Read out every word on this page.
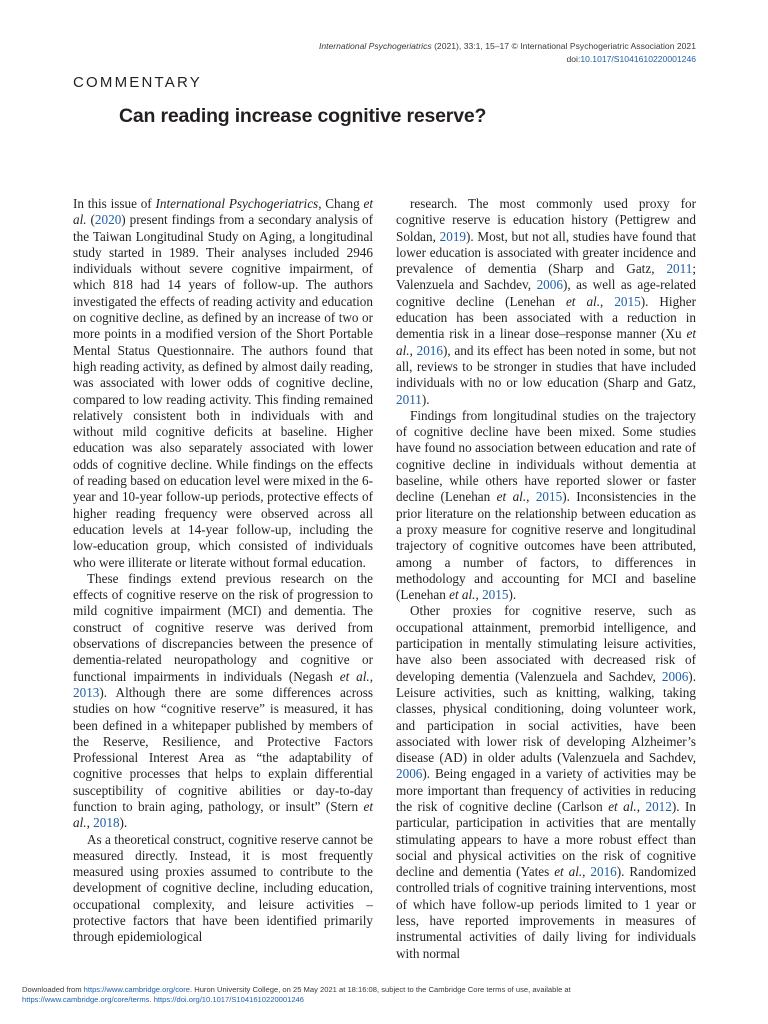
International Psychogeriatrics (2021), 33:1, 15–17 © International Psychogeriatric Association 2021
doi:10.1017/S1041610220001246
COMMENTARY
Can reading increase cognitive reserve?

In this issue of International Psychogeriatrics, Chang et al. (2020) present findings from a secondary analysis of the Taiwan Longitudinal Study on Aging, a longitudinal study started in 1989. Their analyses included 2946 individuals without severe cognitive impairment, of which 818 had 14 years of follow-up. The authors investigated the effects of reading activity and education on cognitive decline, as defined by an increase of two or more points in a modified version of the Short Portable Mental Status Questionnaire. The authors found that high reading activity, as defined by almost daily reading, was associated with lower odds of cognitive decline, compared to low reading activity. This finding remained relatively consistent both in individuals with and without mild cognitive deficits at baseline. Higher education was also separately associated with lower odds of cognitive decline. While findings on the effects of reading based on education level were mixed in the 6-year and 10-year follow-up periods, protective effects of higher reading frequency were observed across all education levels at 14-year follow-up, including the low-education group, which consisted of individuals who were illiterate or literate without formal education.

These findings extend previous research on the effects of cognitive reserve on the risk of progression to mild cognitive impairment (MCI) and dementia. The construct of cognitive reserve was derived from observations of discrepancies between the presence of dementia-related neuropathology and cognitive or functional impairments in individuals (Negash et al., 2013). Although there are some differences across studies on how “cognitive reserve” is measured, it has been defined in a whitepaper published by members of the Reserve, Resilience, and Protective Factors Professional Interest Area as “the adaptability of cognitive processes that helps to explain differential susceptibility of cognitive abilities or day-to-day function to brain aging, pathology, or insult” (Stern et al., 2018).

As a theoretical construct, cognitive reserve cannot be measured directly. Instead, it is most frequently measured using proxies assumed to contribute to the development of cognitive decline, including education, occupational complexity, and leisure activities – protective factors that have been identified primarily through epidemiological

research. The most commonly used proxy for cognitive reserve is education history (Pettigrew and Soldan, 2019). Most, but not all, studies have found that lower education is associated with greater incidence and prevalence of dementia (Sharp and Gatz, 2011; Valenzuela and Sachdev, 2006), as well as age-related cognitive decline (Lenehan et al., 2015). Higher education has been associated with a reduction in dementia risk in a linear dose–response manner (Xu et al., 2016), and its effect has been noted in some, but not all, reviews to be stronger in studies that have included individuals with no or low education (Sharp and Gatz, 2011).

Findings from longitudinal studies on the trajectory of cognitive decline have been mixed. Some studies have found no association between education and rate of cognitive decline in individuals without dementia at baseline, while others have reported slower or faster decline (Lenehan et al., 2015). Inconsistencies in the prior literature on the relationship between education as a proxy measure for cognitive reserve and longitudinal trajectory of cognitive outcomes have been attributed, among a number of factors, to differences in methodology and accounting for MCI and baseline (Lenehan et al., 2015).

Other proxies for cognitive reserve, such as occupational attainment, premorbid intelligence, and participation in mentally stimulating leisure activities, have also been associated with decreased risk of developing dementia (Valenzuela and Sachdev, 2006). Leisure activities, such as knitting, walking, taking classes, physical conditioning, doing volunteer work, and participation in social activities, have been associated with lower risk of developing Alzheimer’s disease (AD) in older adults (Valenzuela and Sachdev, 2006). Being engaged in a variety of activities may be more important than frequency of activities in reducing the risk of cognitive decline (Carlson et al., 2012). In particular, participation in activities that are mentally stimulating appears to have a more robust effect than social and physical activities on the risk of cognitive decline and dementia (Yates et al., 2016). Randomized controlled trials of cognitive training interventions, most of which have follow-up periods limited to 1 year or less, have reported improvements in measures of instrumental activities of daily living for individuals with normal

Downloaded from https://www.cambridge.org/core. Huron University College, on 25 May 2021 at 18:16:08, subject to the Cambridge Core terms of use, available at
https://www.cambridge.org/core/terms. https://doi.org/10.1017/S1041610220001246
